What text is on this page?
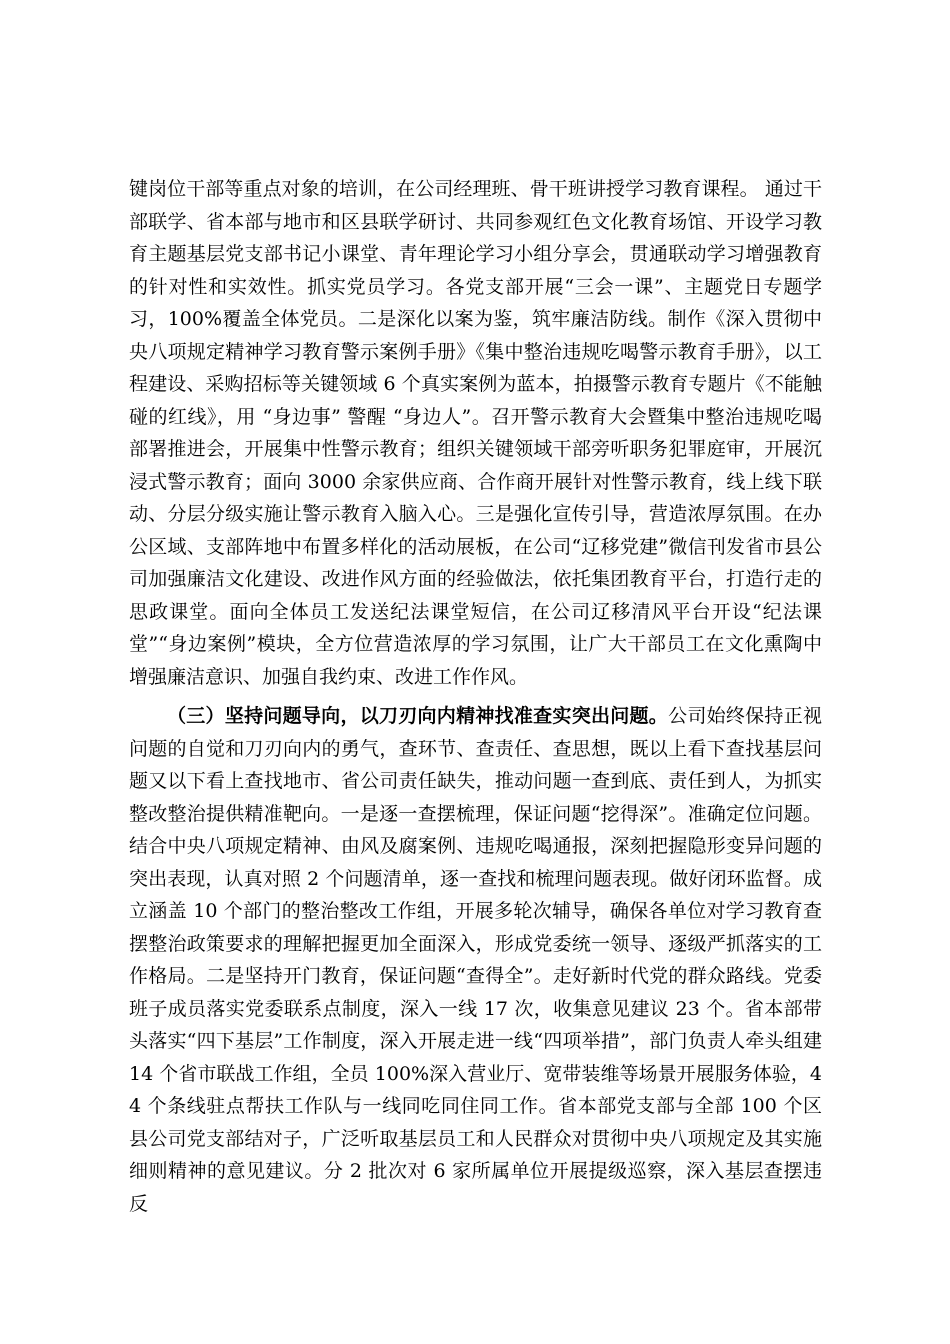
键岗位干部等重点对象的培训，在公司经理班、骨干班讲授学习教育课程。 通过干部联学、省本部与地市和区县联学研讨、共同参观红色文化教育场馆、开设学习教育主题基层党支部书记小课堂、青年理论学习小组分享会，贯通联动学习增强教育的针对性和实效性。抓实党员学习。各党支部开展“三会一课”、主题党日专题学习，100%覆盖全体党员。二是深化以案为鉴，筑牢廉洁防线。制作《深入贯彻中央八项规定精神学习教育警示案例手册》《集中整治违规吃喝警示教育手册》，以工程建设、采购招标等关键领域 6 个真实案例为蓝本，拍摄警示教育专题片《不能触碰的红线》，用 “身边事” 警醒 “身边人”。召开警示教育大会暨集中整治违规吃喝部署推进会，开展集中性警示教育；组织关键领域干部旁听职务犯罪庭审，开展沉浸式警示教育；面向 3000 余家供应商、合作商开展针对性警示教育，线上线下联动、分层分级实施让警示教育入脑入心。三是强化宣传引导，营造浓厚氛围。在办公区域、支部阵地中布置多样化的活动展板，在公司“辽移党建”微信刊发省市县公司加强廉洁文化建设、改进作风方面的经验做法，依托集团教育平台，打造行走的思政课堂。面向全体员工发送纪法课堂短信，在公司辽移清风平台开设“纪法课堂”“身边案例”模块，全方位营造浓厚的学习氛围，让广大干部员工在文化熏陶中增强廉洁意识、加强自我约束、改进工作作风。

（三）坚持问题导向，以刀刃向内精神找准查实突出问题。公司始终保持正视问题的自觉和刀刃向内的勇气，查环节、查责任、查思想，既以上看下查找基层问题又以下看上查找地市、省公司责任缺失，推动问题一查到底、责任到人，为抓实整改整治提供精准靶向。一是逐一查摆梳理，保证问题“挖得深”。准确定位问题。结合中央八项规定精神、由风及腐案例、违规吃喝通报，深刻把握隐形变异问题的突出表现，认真对照 2 个问题清单，逐一查找和梳理问题表现。做好闭环监督。成立涵盖 10 个部门的整治整改工作组，开展多轮次辅导，确保各单位对学习教育查摆整治政策要求的理解把握更加全面深入，形成党委统一领导、逐级严抓落实的工作格局。二是坚持开门教育，保证问题“查得全”。走好新时代党的群众路线。党委班子成员落实党委联系点制度，深入一线 17 次，收集意见建议 23 个。省本部带头落实“四下基层”工作制度，深入开展走进一线“四项举措”，部门负责人牵头组建 14 个省市联战工作组，全员 100%深入营业厅、宽带装维等场景开展服务体验，44 个条线驻点帮扶工作队与一线同吃同住同工作。省本部党支部与全部 100 个区县公司党支部结对子，广泛听取基层员工和人民群众对贯彻中央八项规定及其实施细则精神的意见建议。分 2 批次对 6 家所属单位开展提级巡察，深入基层查摆违反
